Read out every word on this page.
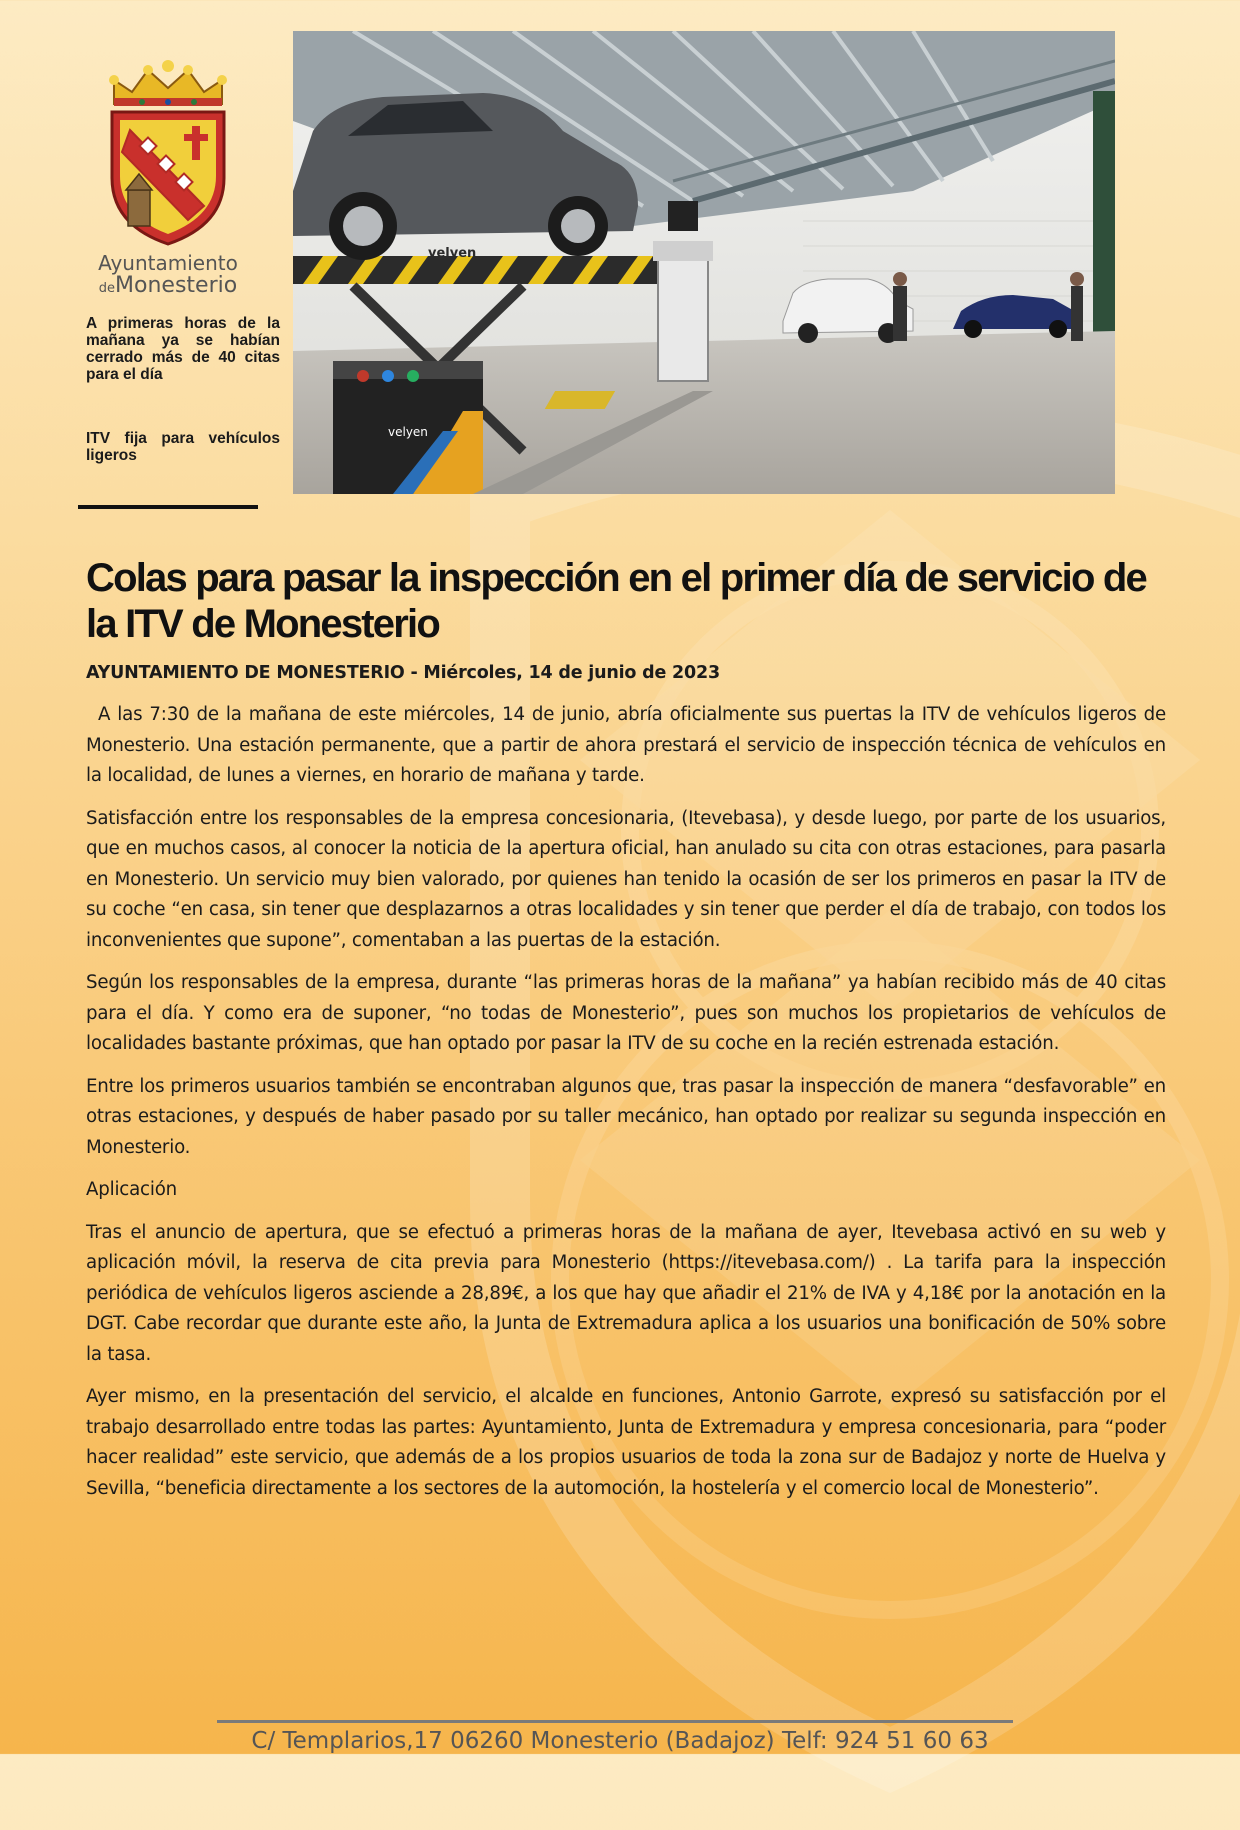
Ayuntamiento
deMonesterio

A primeras horas de la mañana ya se habían cerrado más de 40 citas para el día

ITV fija para vehículos ligeros

velyen
velyen
Colas para pasar la inspección en el primer día de servicio de la ITV de Monesterio

AYUNTAMIENTO DE MONESTERIO - Miércoles, 14 de junio de 2023

A las 7:30 de la mañana de este miércoles, 14 de junio, abría oficialmente sus puertas la ITV de vehículos ligeros de Monesterio. Una estación permanente, que a partir de ahora prestará el servicio de inspección técnica de vehículos en la localidad, de lunes a viernes, en horario de mañana y tarde.

Satisfacción entre los responsables de la empresa concesionaria, (Itevebasa), y desde luego, por parte de los usuarios, que en muchos casos, al conocer la noticia de la apertura oficial, han anulado su cita con otras estaciones, para pasarla en Monesterio. Un servicio muy bien valorado, por quienes han tenido la ocasión de ser los primeros en pasar la ITV de su coche “en casa, sin tener que desplazarnos a otras localidades y sin tener que perder el día de trabajo, con todos los inconvenientes que supone”, comentaban a las puertas de la estación.

Según los responsables de la empresa, durante “las primeras horas de la mañana” ya habían recibido más de 40 citas para el día. Y como era de suponer, “no todas de Monesterio”, pues son muchos los propietarios de vehículos de localidades bastante próximas, que han optado por pasar la ITV de su coche en la recién estrenada estación.

Entre los primeros usuarios también se encontraban algunos que, tras pasar la inspección de manera “desfavorable” en otras estaciones, y después de haber pasado por su taller mecánico, han optado por realizar su segunda inspección en Monesterio.

Aplicación

Tras el anuncio de apertura, que se efectuó a primeras horas de la mañana de ayer, Itevebasa activó en su web y aplicación móvil, la reserva de cita previa para Monesterio (https://itevebasa.com/) . La tarifa para la inspección periódica de vehículos ligeros asciende a 28,89€, a los que hay que añadir el 21% de IVA y 4,18€ por la anotación en la DGT. Cabe recordar que durante este año, la Junta de Extremadura aplica a los usuarios una bonificación de 50% sobre la tasa.

Ayer mismo, en la presentación del servicio, el alcalde en funciones, Antonio Garrote, expresó su satisfacción por el trabajo desarrollado entre todas las partes: Ayuntamiento, Junta de Extremadura y empresa concesionaria, para “poder hacer realidad” este servicio, que además de a los propios usuarios de toda la zona sur de Badajoz y norte de Huelva y Sevilla, “beneficia directamente a los sectores de la automoción, la hostelería y el comercio local de Monesterio”.

C/ Templarios,17 06260 Monesterio (Badajoz) Telf: 924 51 60 63
